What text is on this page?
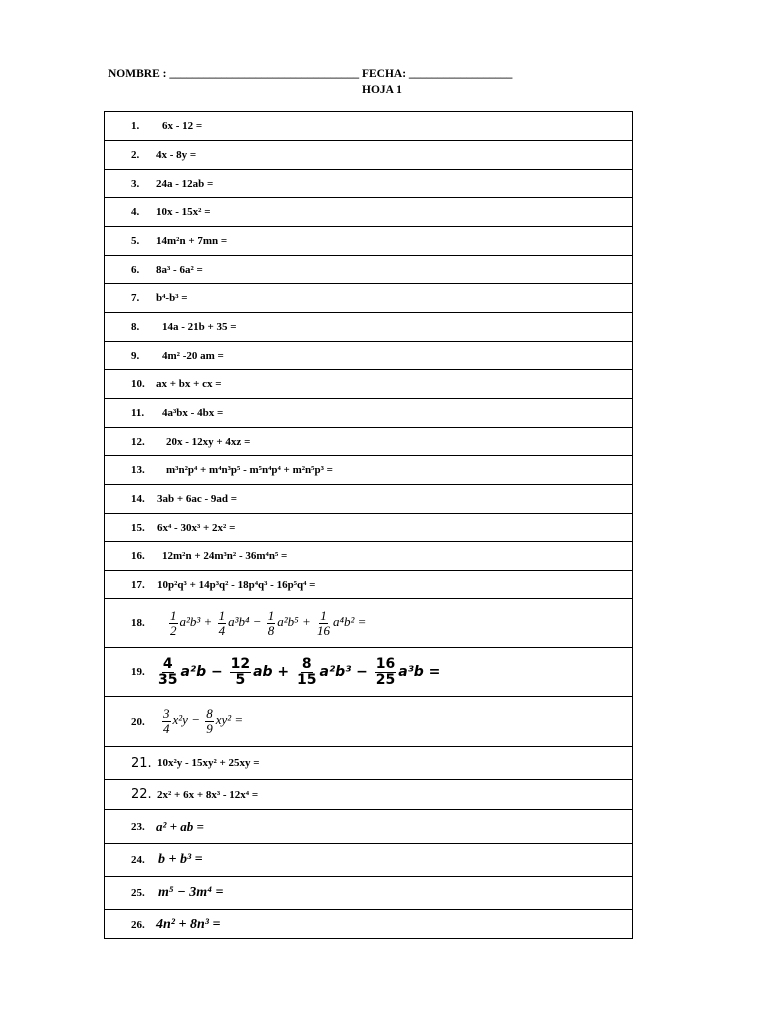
NOMBRE : _________________________________ FECHA: __________________
HOJA 1
1. 6x - 12 =
2. 4x - 8y =
3. 24a - 12ab =
4. 10x - 15x² =
5. 14m²n + 7mn =
6. 8a³ - 6a² =
7. b⁴-b³ =
8. 14a - 21b + 35 =
9. 4m² -20 am =
10. ax + bx + cx =
11. 4a³bx - 4bx =
12. 20x - 12xy + 4xz =
13. m³n²p⁴ + m⁴n³p⁵ - m⁵n⁴p⁴ + m²n⁵p³ =
14. 3ab + 6ac - 9ad =
15. 6x⁴ - 30x³ + 2x² =
16. 12m²n + 24m³n² - 36m⁴n⁵ =
17. 10p²q³ + 14p³q² - 18p⁴q³ - 16p⁵q⁴ =
18. $\frac{1}{2} a^2b^3 + \frac{1}{4} a^3b^4 - \frac{1}{8} a^2b^5 + \frac{1}{16} a^4b^2$ =
19. $\frac{4}{35} a^2b - \frac{12}{5}$ ab + $\frac{8}{15} a^2b^3 - \frac{16}{25} a^3b$ =
20. $\frac{3}{4} x^2y - \frac{8}{9} xy^2$ =
21. 10x²y - 15xy² + 25xy =
22. 2x² + 6x + 8x³ - 12x⁴ =
23. a² + ab =
24. b + b³ =
25. m⁵ − 3m⁴ =
26. 4n² + 8n³ =
